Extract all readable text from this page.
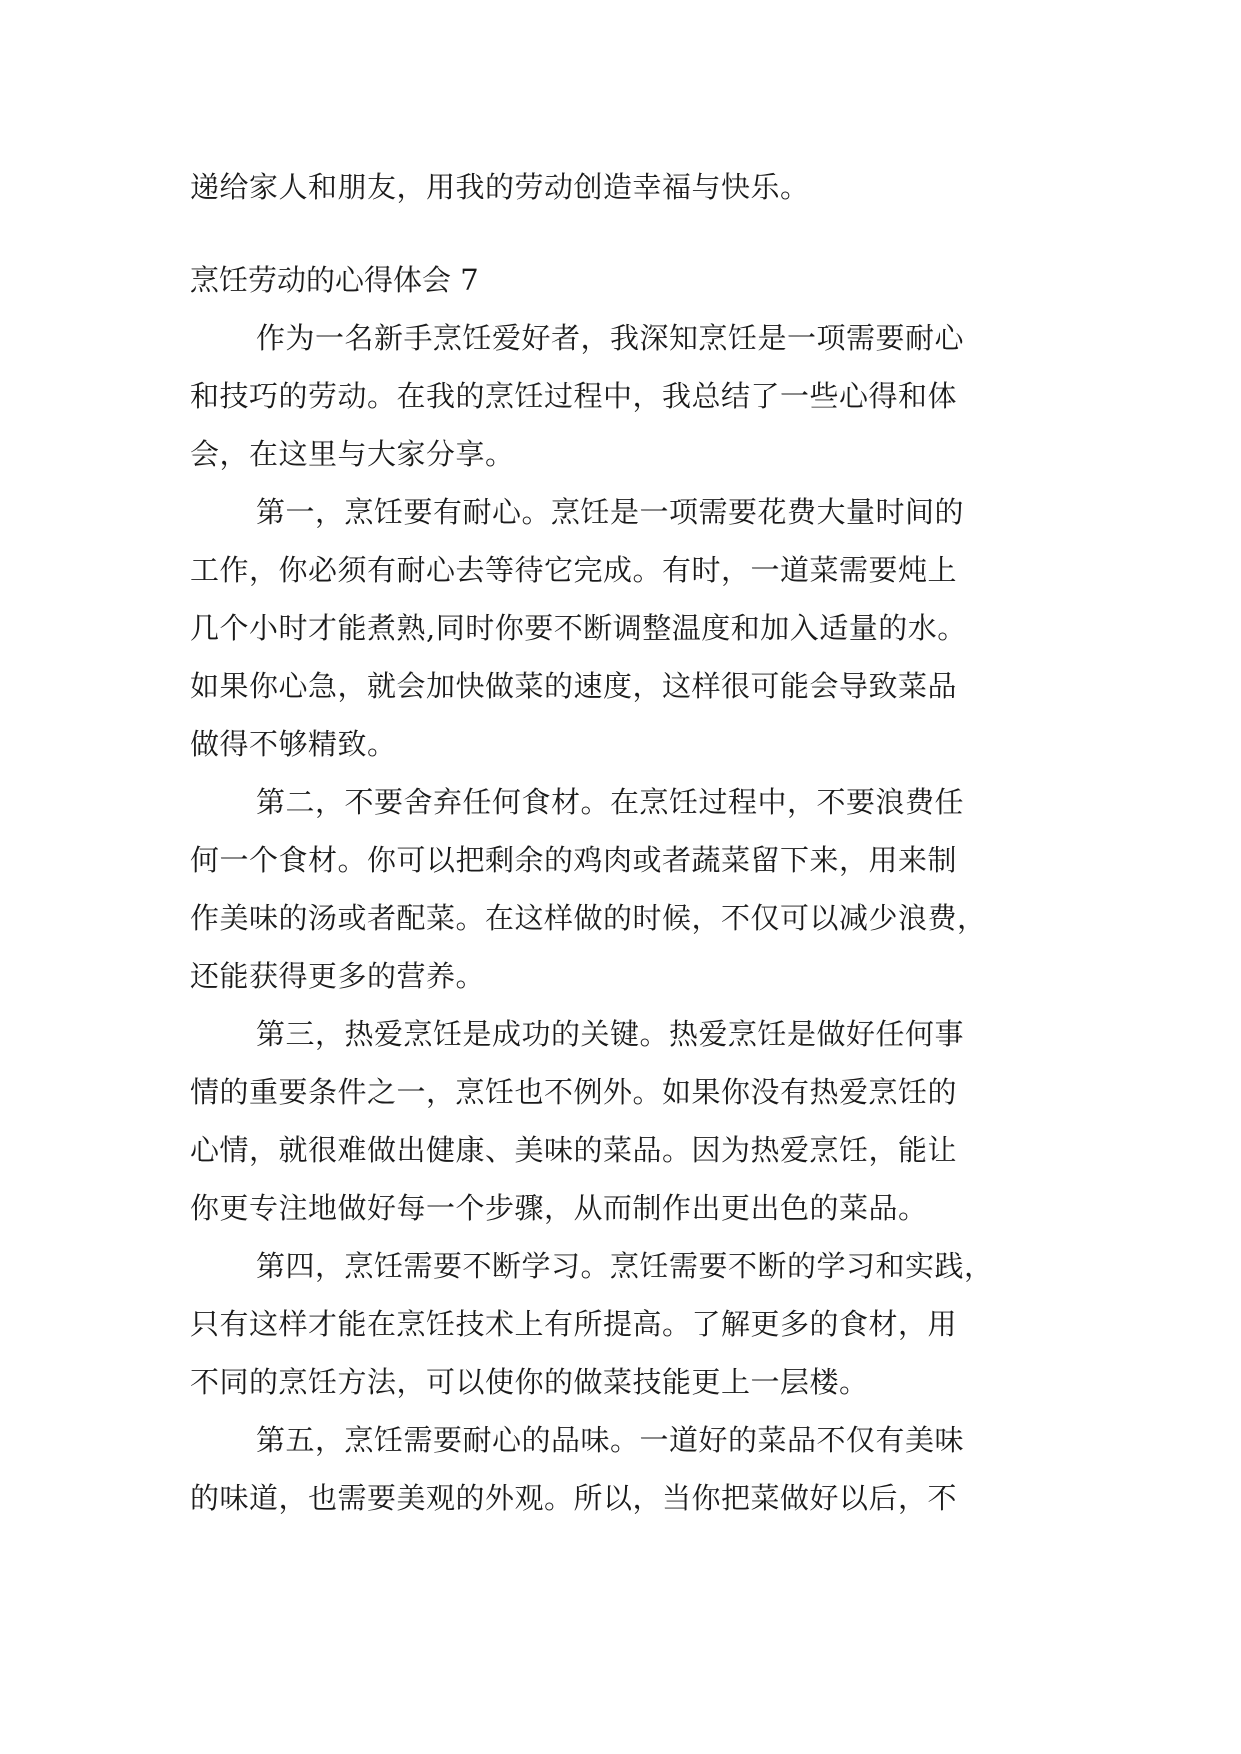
递给家人和朋友，用我的劳动创造幸福与快乐。

烹饪劳动的心得体会 7

作为一名新手烹饪爱好者，我深知烹饪是一项需要耐心

和技巧的劳动。在我的烹饪过程中，我总结了一些心得和体

会，在这里与大家分享。

第一，烹饪要有耐心。烹饪是一项需要花费大量时间的

工作，你必须有耐心去等待它完成。有时，一道菜需要炖上

几个小时才能煮熟,同时你要不断调整温度和加入适量的水。

如果你心急，就会加快做菜的速度，这样很可能会导致菜品

做得不够精致。

第二，不要舍弃任何食材。在烹饪过程中，不要浪费任

何一个食材。你可以把剩余的鸡肉或者蔬菜留下来，用来制

作美味的汤或者配菜。在这样做的时候，不仅可以减少浪费，

还能获得更多的营养。

第三，热爱烹饪是成功的关键。热爱烹饪是做好任何事

情的重要条件之一，烹饪也不例外。如果你没有热爱烹饪的

心情，就很难做出健康、美味的菜品。因为热爱烹饪，能让

你更专注地做好每一个步骤，从而制作出更出色的菜品。

第四，烹饪需要不断学习。烹饪需要不断的学习和实践，

只有这样才能在烹饪技术上有所提高。了解更多的食材，用

不同的烹饪方法，可以使你的做菜技能更上一层楼。

第五，烹饪需要耐心的品味。一道好的菜品不仅有美味

的味道，也需要美观的外观。所以，当你把菜做好以后，不
